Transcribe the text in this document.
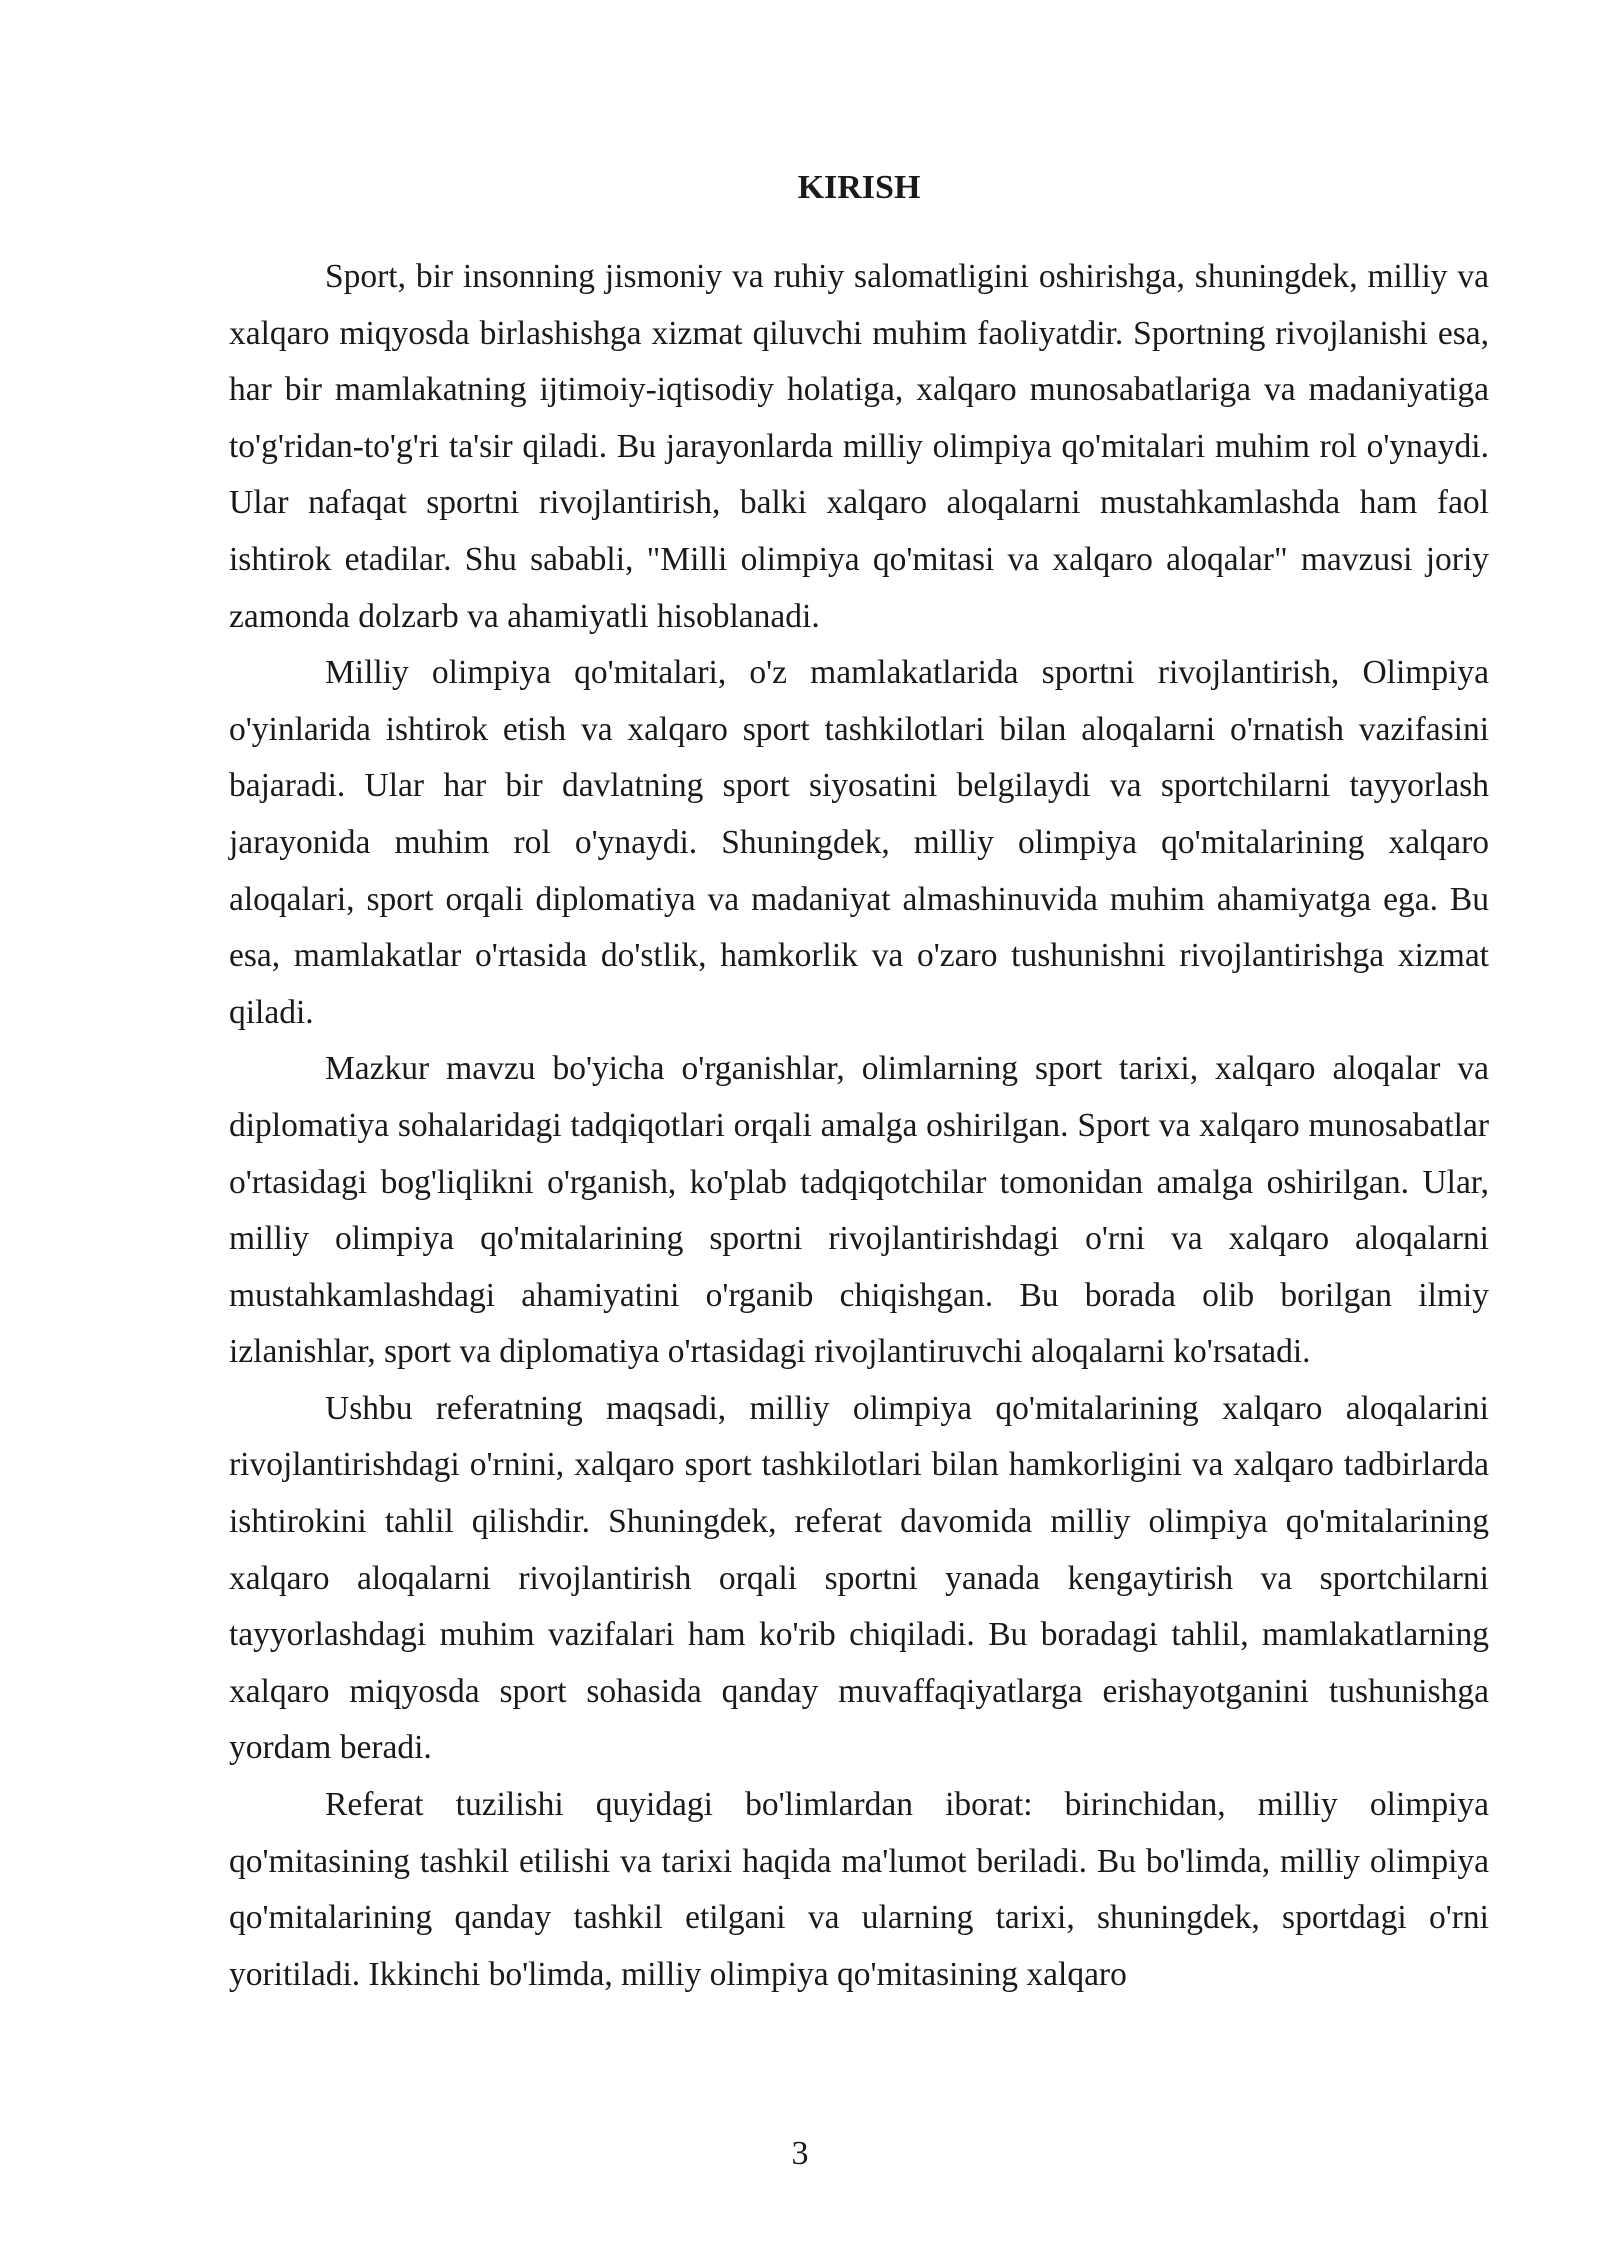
KIRISH

Sport, bir insonning jismoniy va ruhiy salomatligini oshirishga, shuningdek, milliy va xalqaro miqyosda birlashishga xizmat qiluvchi muhim faoliyatdir. Sportning rivojlanishi esa, har bir mamlakatning ijtimoiy-iqtisodiy holatiga, xalqaro munosabatlariga va madaniyatiga to'g'ridan-to'g'ri ta'sir qiladi. Bu jarayonlarda milliy olimpiya qo'mitalari muhim rol o'ynaydi. Ular nafaqat sportni rivojlantirish, balki xalqaro aloqalarni mustahkamlashda ham faol ishtirok etadilar. Shu sababli, "Milli olimpiya qo'mitasi va xalqaro aloqalar" mavzusi joriy zamonda dolzarb va ahamiyatli hisoblanadi.

Milliy olimpiya qo'mitalari, o'z mamlakatlarida sportni rivojlantirish, Olimpiya o'yinlarida ishtirok etish va xalqaro sport tashkilotlari bilan aloqalarni o'rnatish vazifasini bajaradi. Ular har bir davlatning sport siyosatini belgilaydi va sportchilarni tayyorlash jarayonida muhim rol o'ynaydi. Shuningdek, milliy olimpiya qo'mitalarining xalqaro aloqalari, sport orqali diplomatiya va madaniyat almashinuvida muhim ahamiyatga ega. Bu esa, mamlakatlar o'rtasida do'stlik, hamkorlik va o'zaro tushunishni rivojlantirishga xizmat qiladi.

Mazkur mavzu bo'yicha o'rganishlar, olimlarning sport tarixi, xalqaro aloqalar va diplomatiya sohalaridagi tadqiqotlari orqali amalga oshirilgan. Sport va xalqaro munosabatlar o'rtasidagi bog'liqlikni o'rganish, ko'plab tadqiqotchilar tomonidan amalga oshirilgan. Ular, milliy olimpiya qo'mitalarining sportni rivojlantirishdagi o'rni va xalqaro aloqalarni mustahkamlashdagi ahamiyatini o'rganib chiqishgan. Bu borada olib borilgan ilmiy izlanishlar, sport va diplomatiya o'rtasidagi rivojlantiruvchi aloqalarni ko'rsatadi.

Ushbu referatning maqsadi, milliy olimpiya qo'mitalarining xalqaro aloqalarini rivojlantirishdagi o'rnini, xalqaro sport tashkilotlari bilan hamkorligini va xalqaro tadbirlarda ishtirokini tahlil qilishdir. Shuningdek, referat davomida milliy olimpiya qo'mitalarining xalqaro aloqalarni rivojlantirish orqali sportni yanada kengaytirish va sportchilarni tayyorlashdagi muhim vazifalari ham ko'rib chiqiladi. Bu boradagi tahlil, mamlakatlarning xalqaro miqyosda sport sohasida qanday muvaffaqiyatlarga erishayotganini tushunishga yordam beradi.

Referat tuzilishi quyidagi bo'limlardan iborat: birinchidan, milliy olimpiya qo'mitasining tashkil etilishi va tarixi haqida ma'lumot beriladi. Bu bo'limda, milliy olimpiya qo'mitalarining qanday tashkil etilgani va ularning tarixi, shuningdek, sportdagi o'rni yoritiladi. Ikkinchi bo'limda, milliy olimpiya qo'mitasining xalqaro

3
